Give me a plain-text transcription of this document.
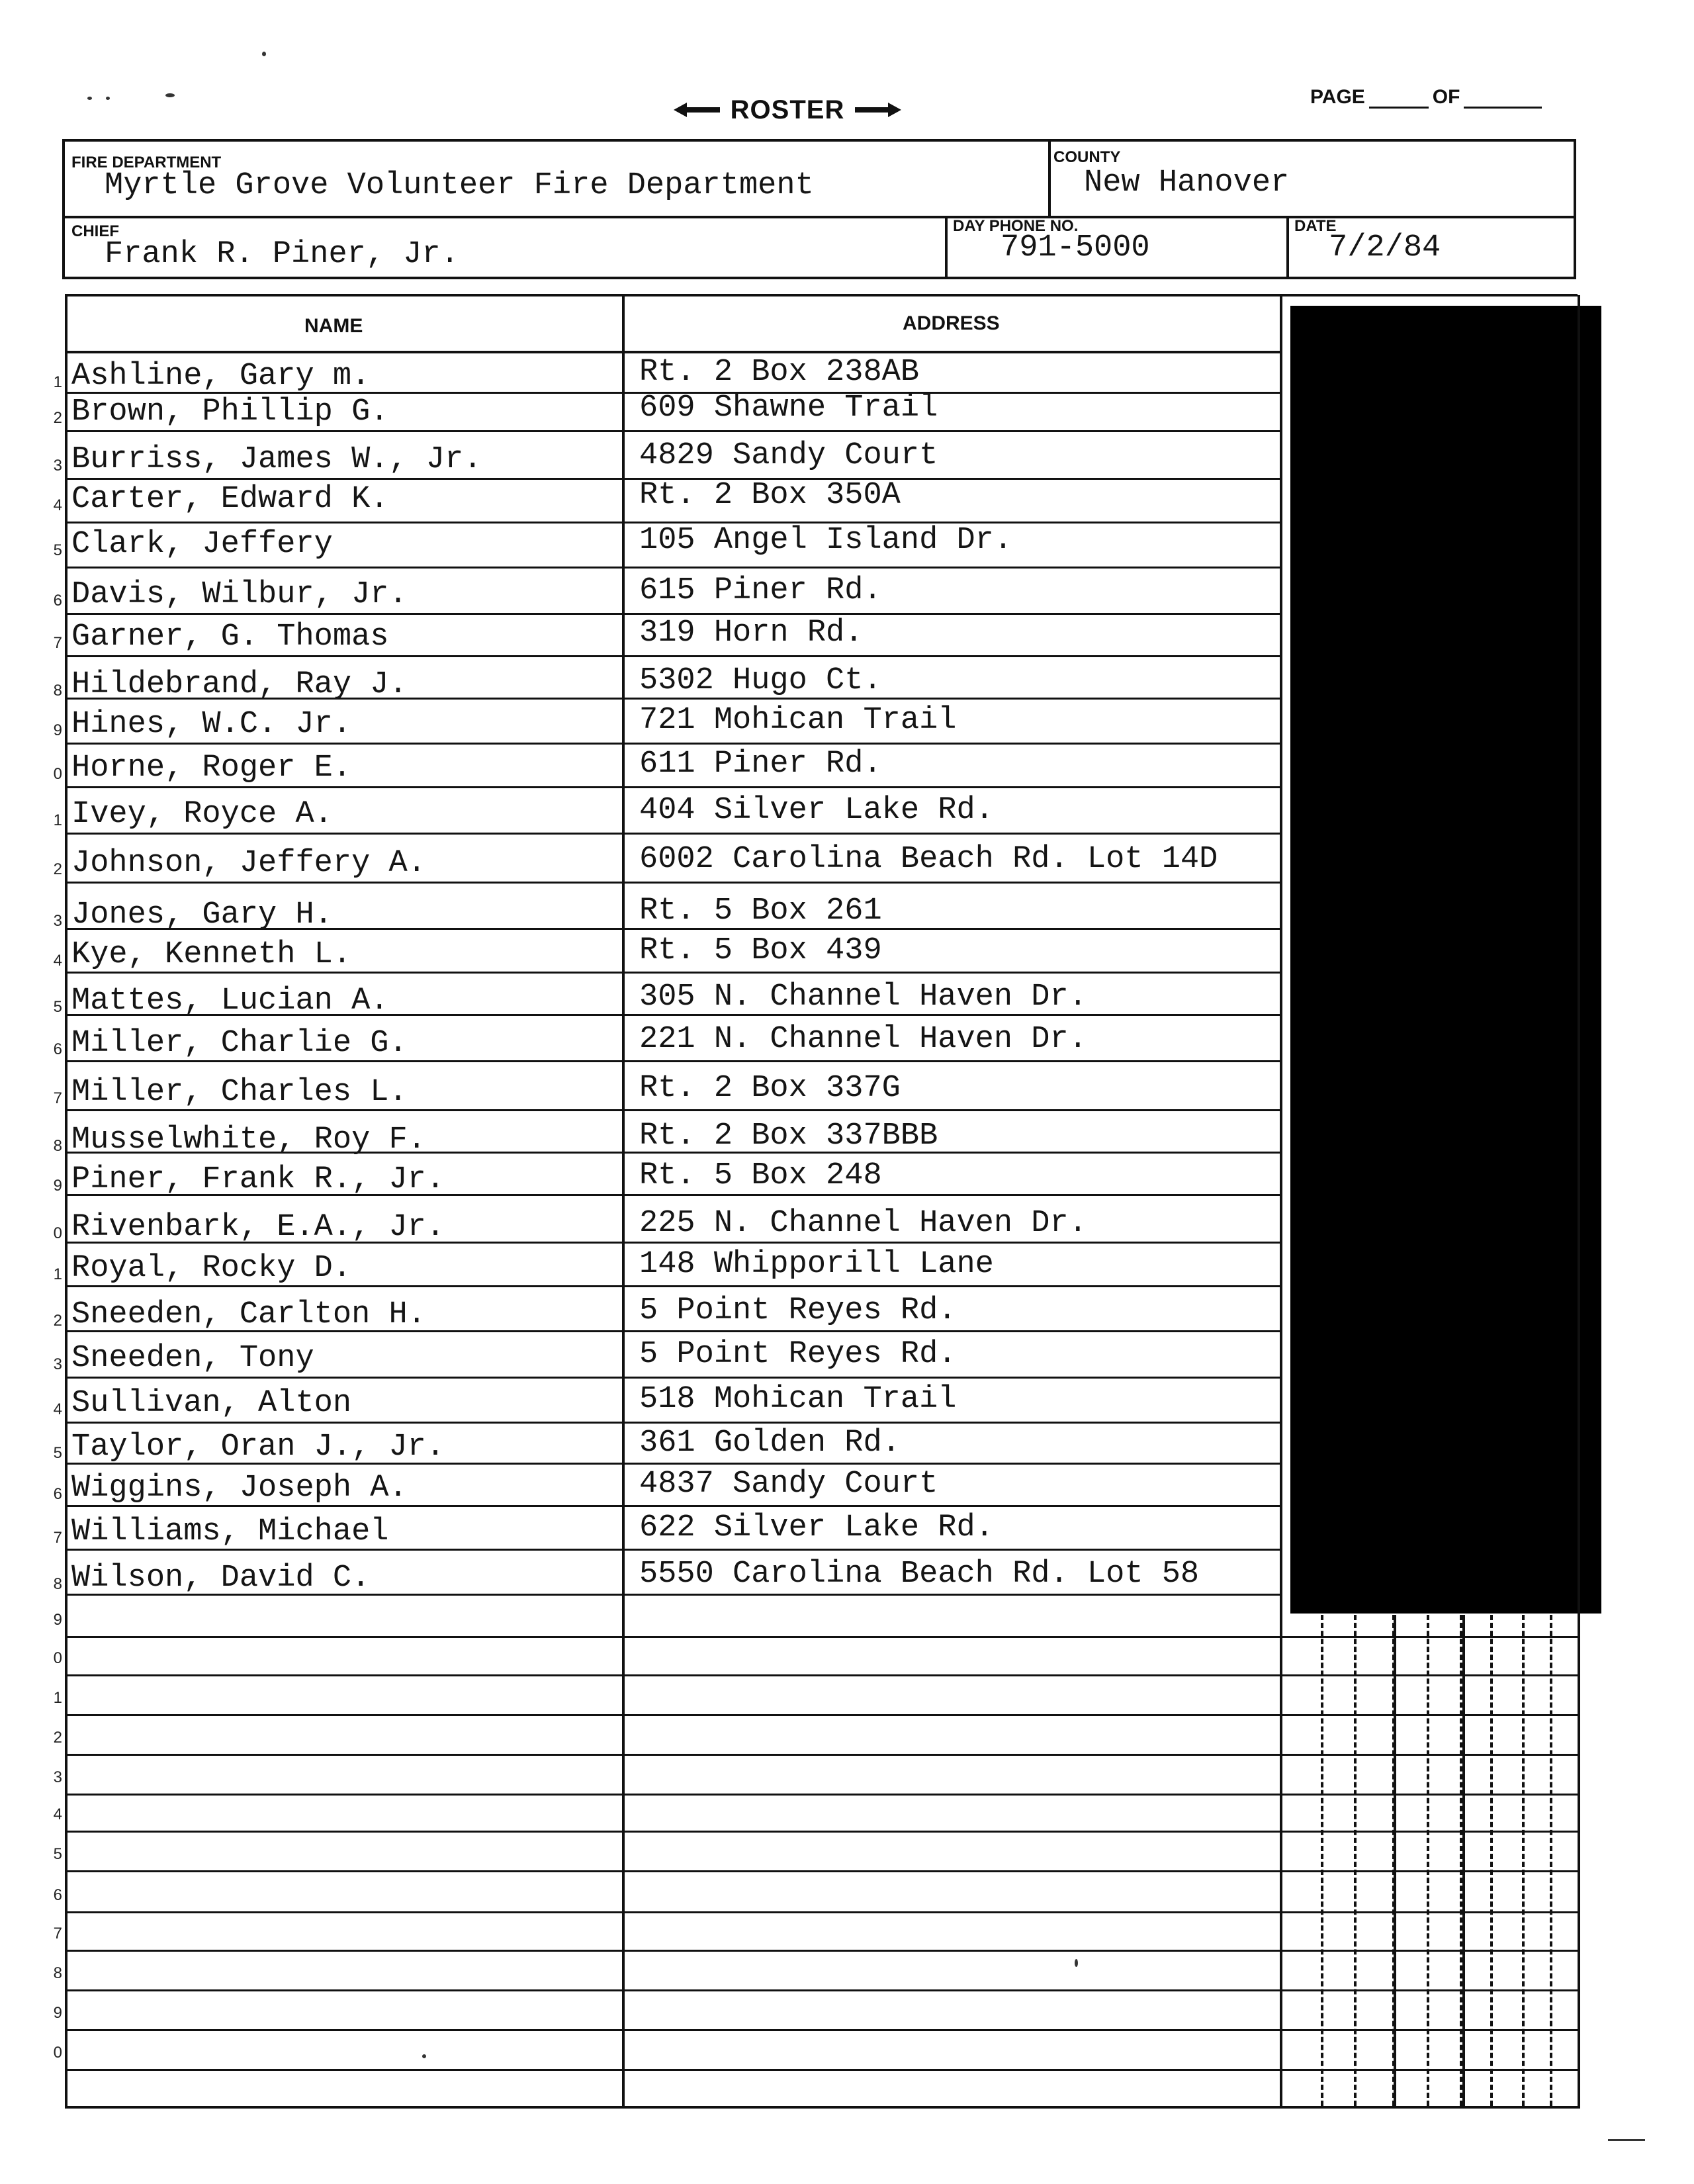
ROSTER	PAGE	OF
FIRE DEPARTMENT
Myrtle Grove Volunteer Fire Department
COUNTY
New Hanover
CHIEF
Frank R. Piner, Jr.
DAY PHONE NO.
791-5000
DATE
7/2/84
NAME	ADDRESS
1 Ashline, Gary m.	Rt. 2 Box 238AB
2 Brown, Phillip G.	609 Shawne Trail
3 Burriss, James W., Jr.	4829 Sandy Court
4 Carter, Edward K.	Rt. 2 Box 350A
5 Clark, Jeffery	105 Angel Island Dr.
6 Davis, Wilbur, Jr.	615 Piner Rd.
7 Garner, G. Thomas	319 Horn Rd.
8 Hildebrand, Ray J.	5302 Hugo Ct.
9 Hines, W.C. Jr.	721 Mohican Trail
0 Horne, Roger E.	611 Piner Rd.
1 Ivey, Royce A.	404 Silver Lake Rd.
2 Johnson, Jeffery A.	6002 Carolina Beach Rd. Lot 14D
3 Jones, Gary H.	Rt. 5 Box 261
4 Kye, Kenneth L.	Rt. 5 Box 439
5 Mattes, Lucian A.	305 N. Channel Haven Dr.
6 Miller, Charlie G.	221 N. Channel Haven Dr.
7 Miller, Charles L.	Rt. 2 Box 337G
8 Musselwhite, Roy F.	Rt. 2 Box 337BBB
9 Piner, Frank R., Jr.	Rt. 5 Box 248
0 Rivenbark, E.A., Jr.	225 N. Channel Haven Dr.
1 Royal, Rocky D.	148 Whipporill Lane
2 Sneeden, Carlton H.	5 Point Reyes Rd.
3 Sneeden, Tony	5 Point Reyes Rd.
4 Sullivan, Alton	518 Mohican Trail
5 Taylor, Oran J., Jr.	361 Golden Rd.
6 Wiggins, Joseph A.	4837 Sandy Court
7 Williams, Michael	622 Silver Lake Rd.
8 Wilson, David C.	5550 Carolina Beach Rd. Lot 58
9
0
1
2
3
4
5
6
7
8
9
0
